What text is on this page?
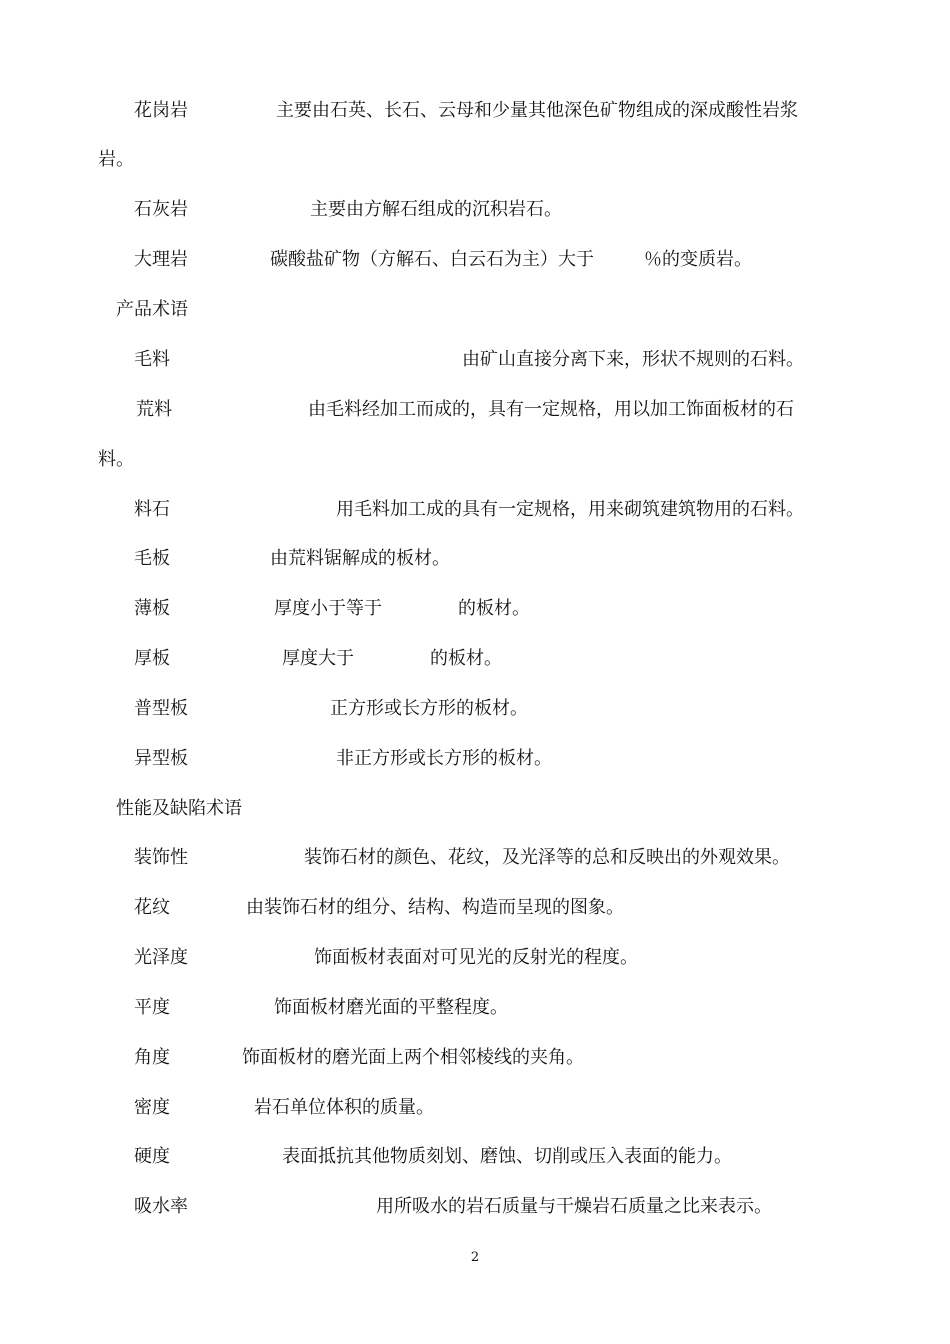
花岗岩	主要由石英、长石、云母和少量其他深色矿物组成的深成酸性岩浆
岩。
石灰岩	主要由方解石组成的沉积岩石。
大理岩	碳酸盐矿物（方解石、白云石为主）大于	％的变质岩。
产品术语
毛料	由矿山直接分离下来，形状不规则的石料。
荒料	由毛料经加工而成的，具有一定规格，用以加工饰面板材的石
料。
料石	用毛料加工成的具有一定规格，用来砌筑建筑物用的石料。
毛板	由荒料锯解成的板材。
薄板	厚度小于等于	的板材。
厚板	厚度大于	的板材。
普型板	正方形或长方形的板材。
异型板	非正方形或长方形的板材。
性能及缺陷术语
装饰性	装饰石材的颜色、花纹，及光泽等的总和反映出的外观效果。
花纹	由装饰石材的组分、结构、构造而呈现的图象。
光泽度	饰面板材表面对可见光的反射光的程度。
平度	饰面板材磨光面的平整程度。
角度	饰面板材的磨光面上两个相邻棱线的夹角。
密度	岩石单位体积的质量。
硬度	表面抵抗其他物质刻划、磨蚀、切削或压入表面的能力。
吸水率	用所吸水的岩石质量与干燥岩石质量之比来表示。
2
